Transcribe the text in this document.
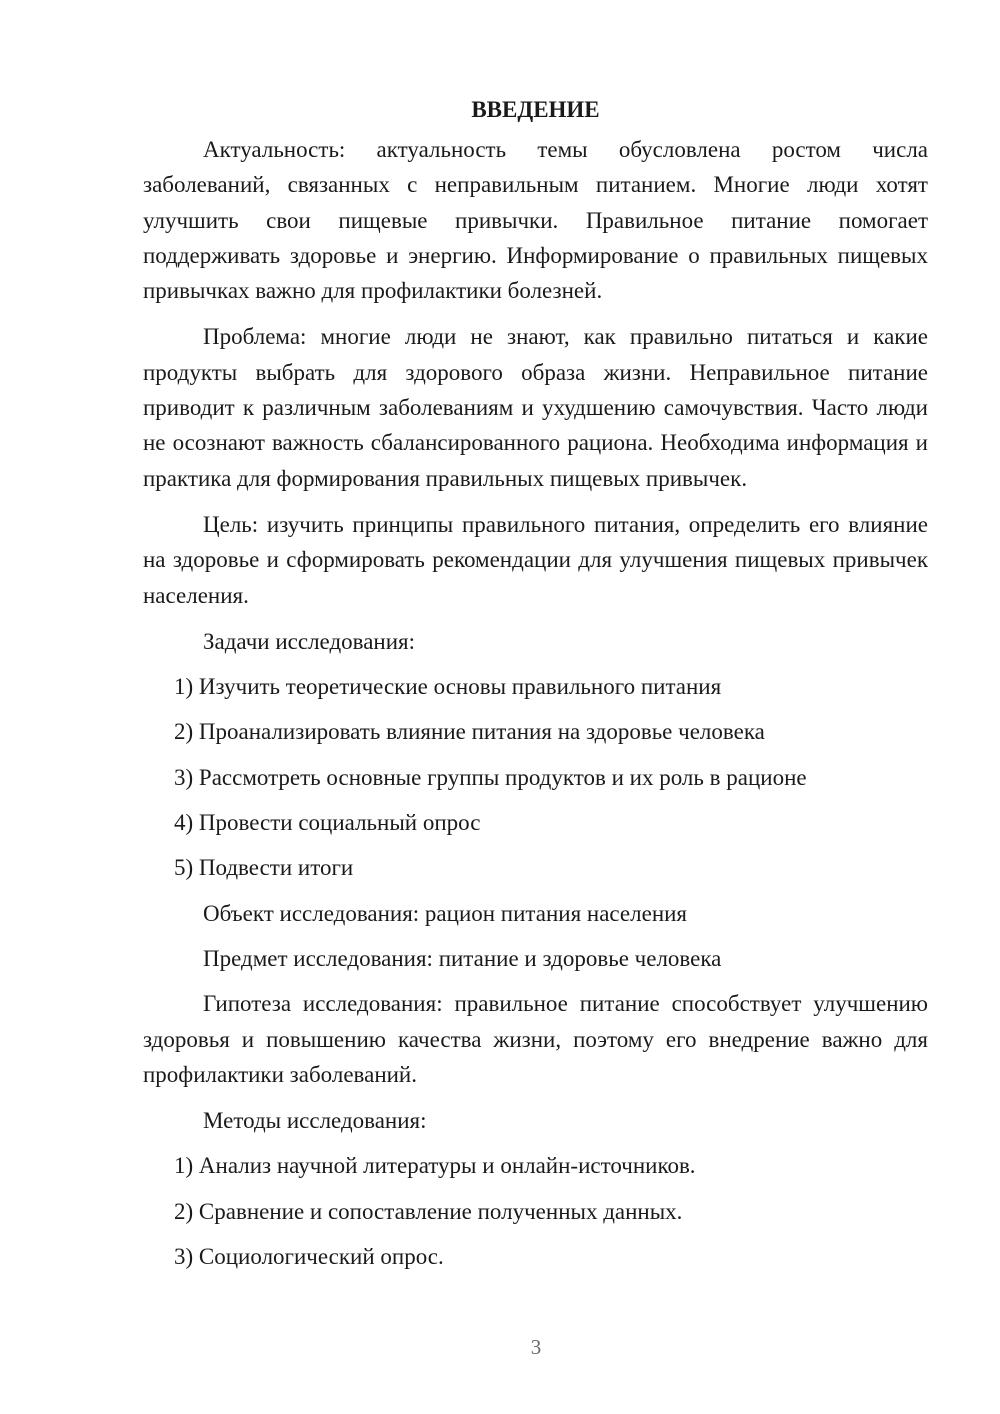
ВВЕДЕНИЕ

Актуальность: актуальность темы обусловлена ростом числа заболеваний, связанных с неправильным питанием. Многие люди хотят улучшить свои пищевые привычки. Правильное питание помогает поддерживать здоровье и энергию. Информирование о правильных пищевых привычках важно для профилактики болезней.

Проблема: многие люди не знают, как правильно питаться и какие продукты выбрать для здорового образа жизни. Неправильное питание приводит к различным заболеваниям и ухудшению самочувствия. Часто люди не осознают важность сбалансированного рациона. Необходима информация и практика для формирования правильных пищевых привычек.

Цель: изучить принципы правильного питания, определить его влияние на здоровье и сформировать рекомендации для улучшения пищевых привычек населения.

Задачи исследования:
1) Изучить теоретические основы правильного питания
2) Проанализировать влияние питания на здоровье человека
3) Рассмотреть основные группы продуктов и их роль в рационе
4) Провести социальный опрос
5) Подвести итоги
Объект исследования: рацион питания населения
Предмет исследования: питание и здоровье человека

Гипотеза исследования: правильное питание способствует улучшению здоровья и повышению качества жизни, поэтому его внедрение важно для профилактики заболеваний.

Методы исследования:
1) Анализ научной литературы и онлайн-источников.
2) Сравнение и сопоставление полученных данных.
3) Социологический опрос.
3
